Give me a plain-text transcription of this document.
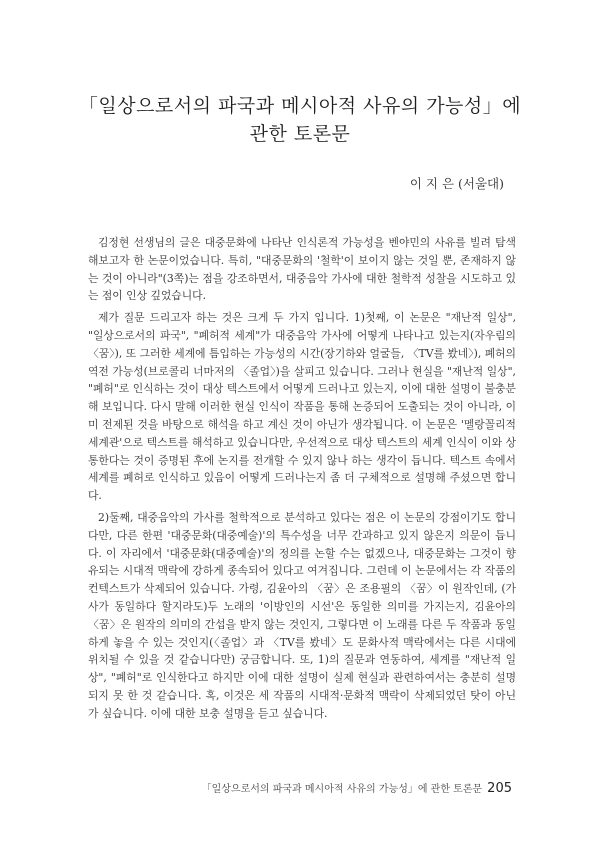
「일상으로서의 파국과 메시아적 사유의 가능성」에
관한 토론문
이 지 은 (서울대)

김정현 선생님의 글은 대중문화에 나타난 인식론적 가능성을 벤야민의 사유를 빌려 탐색해보고자 한 논문이었습니다. 특히, "대중문화의 '철학'이 보이지 않는 것일 뿐, 존재하지 않는 것이 아니라"(3쪽)는 점을 강조하면서, 대중음악 가사에 대한 철학적 성찰을 시도하고 있는 점이 인상 깊었습니다.

제가 질문 드리고자 하는 것은 크게 두 가지 입니다. 1)첫째, 이 논문은 "재난적 일상", "일상으로서의 파국", "폐허적 세계"가 대중음악 가사에 어떻게 나타나고 있는지(자우림의 〈꿈〉), 또 그러한 세계에 틈입하는 가능성의 시간(장기하와 얼굴들, 〈TV를 봤네〉), 폐허의 역전 가능성(브로콜리 너마저의 〈졸업〉)을 살피고 있습니다. 그러나 현실을 "재난적 일상", "폐허"로 인식하는 것이 대상 텍스트에서 어떻게 드러나고 있는지, 이에 대한 설명이 불충분해 보입니다. 다시 말해 이러한 현실 인식이 작품을 통해 논증되어 도출되는 것이 아니라, 이미 전제된 것을 바탕으로 해석을 하고 계신 것이 아닌가 생각됩니다. 이 논문은 '멜랑꼴리적 세계관'으로 텍스트를 해석하고 있습니다만, 우선적으로 대상 텍스트의 세계 인식이 이와 상통한다는 것이 증명된 후에 논지를 전개할 수 있지 않나 하는 생각이 듭니다. 텍스트 속에서 세계를 폐허로 인식하고 있음이 어떻게 드러나는지 좀 더 구체적으로 설명해 주셨으면 합니다.

2)둘째, 대중음악의 가사를 철학적으로 분석하고 있다는 점은 이 논문의 강점이기도 합니다만, 다른 한편 '대중문화(대중예술)'의 특수성을 너무 간과하고 있지 않은지 의문이 듭니다. 이 자리에서 '대중문화(대중예술)'의 정의를 논할 수는 없겠으나, 대중문화는 그것이 향유되는 시대적 맥락에 강하게 종속되어 있다고 여겨집니다. 그런데 이 논문에서는 각 작품의 컨텍스트가 삭제되어 있습니다. 가령, 김윤아의 〈꿈〉은 조용필의 〈꿈〉이 원작인데, (가사가 동일하다 할지라도)두 노래의 '이방인의 시선'은 동일한 의미를 가지는지, 김윤아의 〈꿈〉은 원작의 의미의 간섭을 받지 않는 것인지, 그렇다면 이 노래를 다른 두 작품과 동일하게 놓을 수 있는 것인지(〈졸업〉과 〈TV를 봤네〉도 문화사적 맥락에서는 다른 시대에 위치될 수 있을 것 같습니다만) 궁금합니다. 또, 1)의 질문과 연동하여, 세계를 "재난적 일상", "폐허"로 인식한다고 하지만 이에 대한 설명이 실제 현실과 관련하여서는 충분히 설명되지 못 한 것 같습니다. 혹, 이것은 세 작품의 시대적·문화적 맥락이 삭제되었던 탓이 아닌가 싶습니다. 이에 대한 보충 설명을 듣고 싶습니다.

「일상으로서의 파국과 메시아적 사유의 가능성」에 관한 토론문 205
